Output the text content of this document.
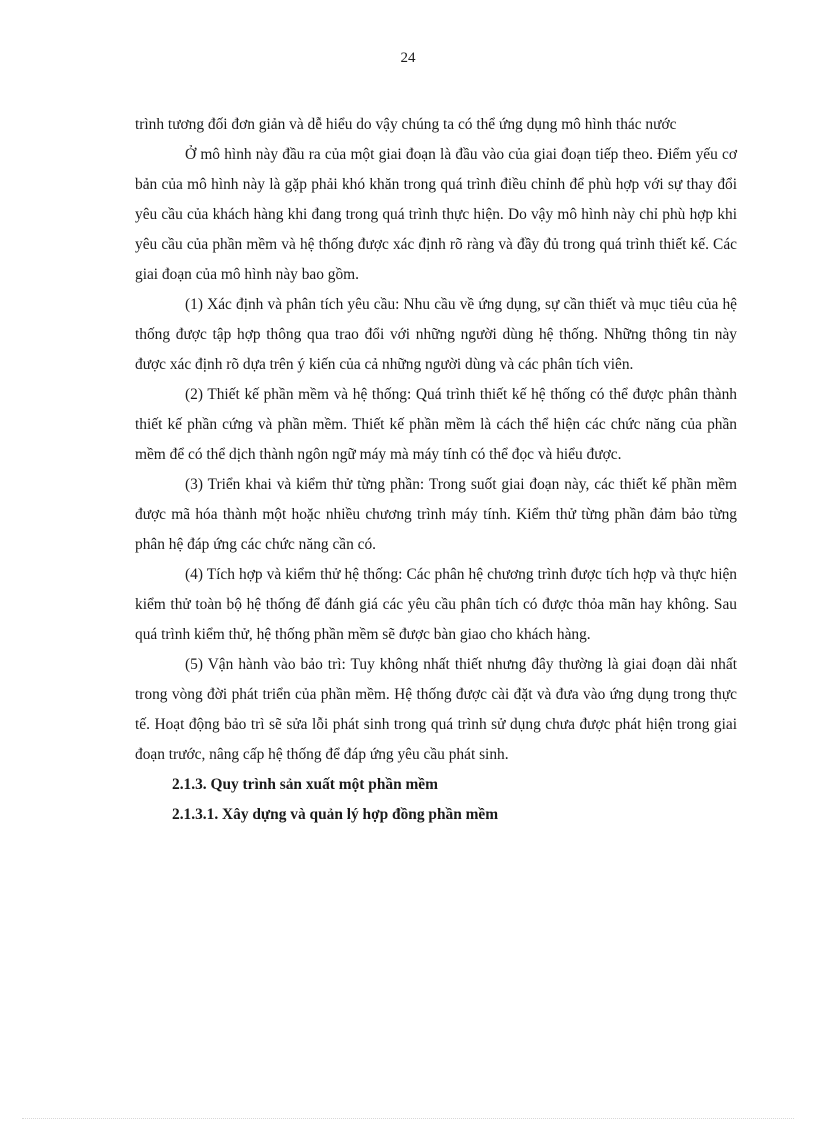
24

trình tương đối đơn giản và dễ hiểu do vậy chúng ta có thể ứng dụng mô hình thác nước

Ở mô hình này đầu ra của một giai đoạn là đầu vào của giai đoạn tiếp theo. Điểm yếu cơ bản của mô hình này là gặp phải khó khăn trong quá trình điều chỉnh để phù hợp với sự thay đổi yêu cầu của khách hàng khi đang trong quá trình thực hiện. Do vậy mô hình này chỉ phù hợp khi yêu cầu của phần mềm và hệ thống được xác định rõ ràng và đầy đủ trong quá trình thiết kế. Các giai đoạn của mô hình này bao gồm.

(1) Xác định và phân tích yêu cầu: Nhu cầu về ứng dụng, sự cần thiết và mục tiêu của hệ thống được tập hợp thông qua trao đổi với những người dùng hệ thống. Những thông tin này được xác định rõ dựa trên ý kiến của cả những người dùng và các phân tích viên.

(2) Thiết kế phần mềm và hệ thống: Quá trình thiết kế hệ thống có thể được phân thành thiết kế phần cứng và phần mềm. Thiết kế phần mềm là cách thể hiện các chức năng của phần mềm để có thể dịch thành ngôn ngữ máy mà máy tính có thể đọc và hiểu được.

(3) Triển khai và kiểm thử từng phần: Trong suốt giai đoạn này, các thiết kế phần mềm được mã hóa thành một hoặc nhiều chương trình máy tính. Kiểm thử từng phần đảm bảo từng phân hệ đáp ứng các chức năng cần có.

(4) Tích hợp và kiểm thử hệ thống: Các phân hệ chương trình được tích hợp và thực hiện kiểm thử toàn bộ hệ thống để đánh giá các yêu cầu phân tích có được thỏa mãn hay không. Sau quá trình kiểm thử, hệ thống phần mềm sẽ được bàn giao cho khách hàng.

(5) Vận hành vào bảo trì: Tuy không nhất thiết nhưng đây thường là giai đoạn dài nhất trong vòng đời phát triển của phần mềm. Hệ thống được cài đặt và đưa vào ứng dụng trong thực tế. Hoạt động bảo trì sẽ sửa lỗi phát sinh trong quá trình sử dụng chưa được phát hiện trong giai đoạn trước, nâng cấp hệ thống để đáp ứng yêu cầu phát sinh.

2.1.3. Quy trình sản xuất một phần mềm

2.1.3.1. Xây dựng và quản lý hợp đồng phần mềm
